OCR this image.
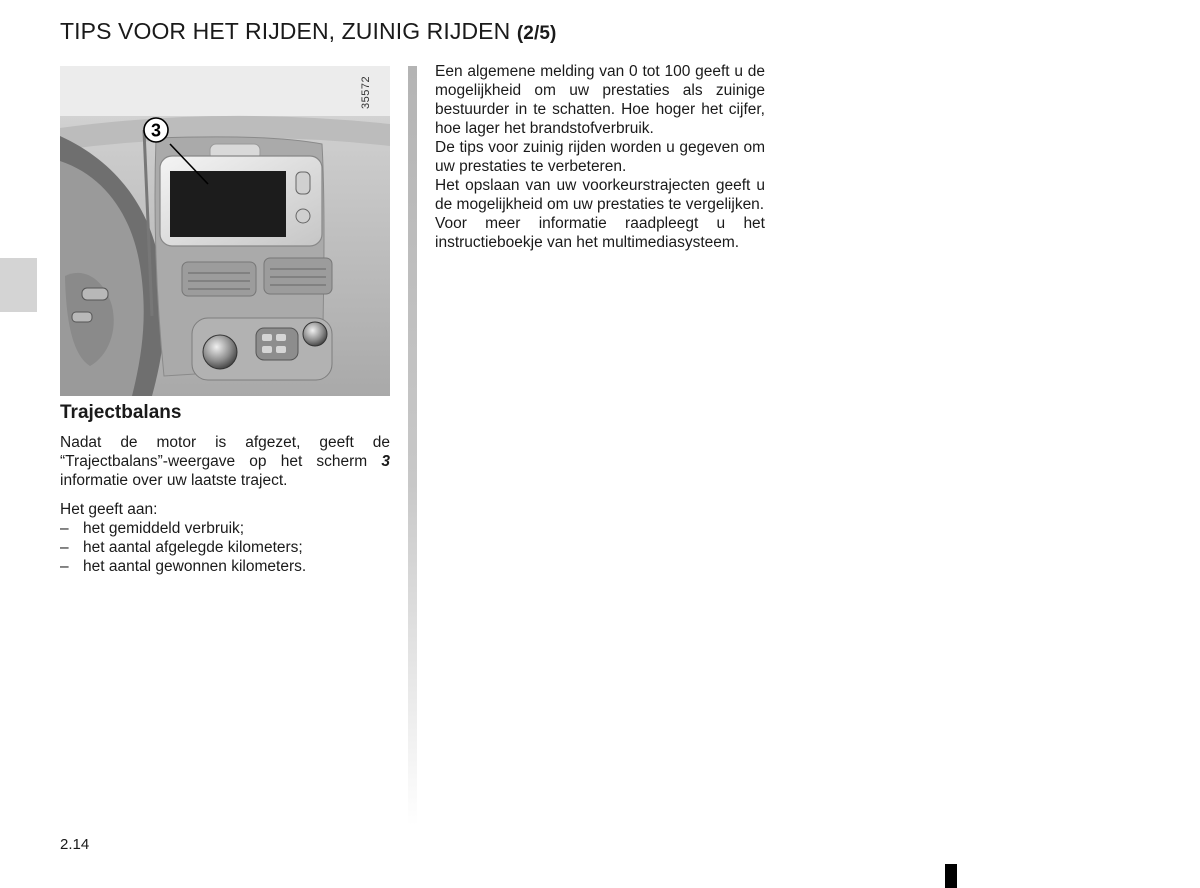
TIPS VOOR HET RIJDEN, ZUINIG RIJDEN (2/5)
3
35572
Trajectbalans

Nadat de motor is afgezet, geeft de “Trajectbalans”-weergave op het scherm 3 informatie over uw laatste traject.

Het geeft aan:

– het gemiddeld verbruik;
– het aantal afgelegde kilometers;
– het aantal gewonnen kilometers.

Een algemene melding van 0 tot 100 geeft u de mogelijkheid om uw prestaties als zuinige bestuurder in te schatten. Hoe hoger het cijfer, hoe lager het brandstofverbruik.

De tips voor zuinig rijden worden u gegeven om uw prestaties te verbeteren.

Het opslaan van uw voorkeurstrajecten geeft u de mogelijkheid om uw prestaties te vergelijken.

Voor meer informatie raadpleegt u het instructieboekje van het multimediasysteem.

2.14
